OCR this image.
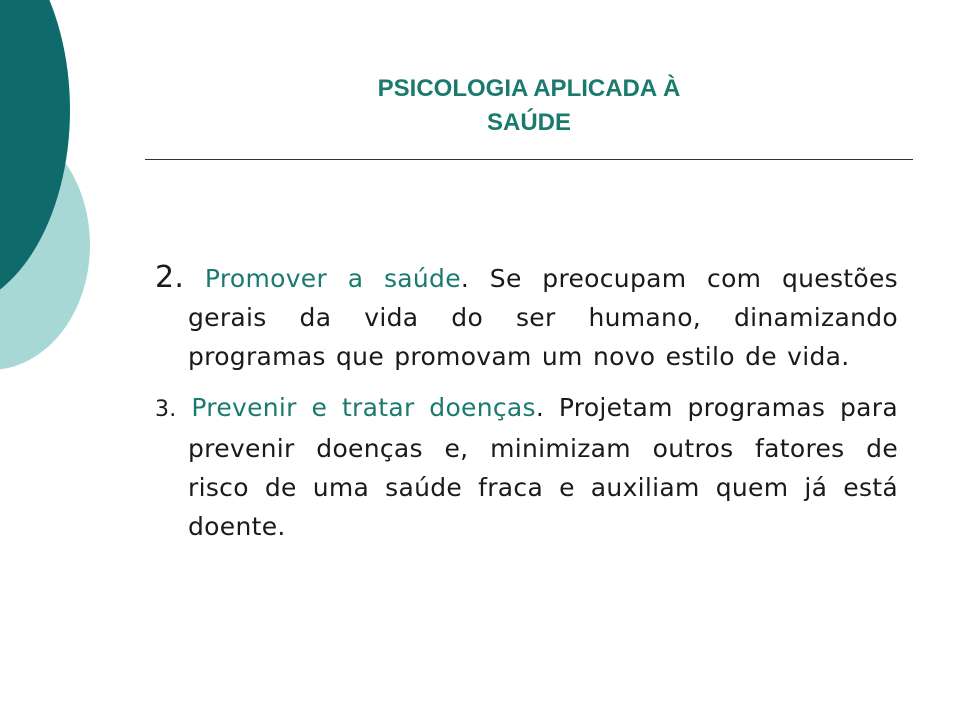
PSICOLOGIA APLICADA À
SAÚDE
2. Promover a saúde. Se preocupam com questões gerais da vida do ser humano, dinamizando programas que promovam um novo estilo de vida.
3. Prevenir e tratar doenças. Projetam programas para prevenir doenças e, minimizam outros fatores de risco de uma saúde fraca e auxiliam quem já está doente.
